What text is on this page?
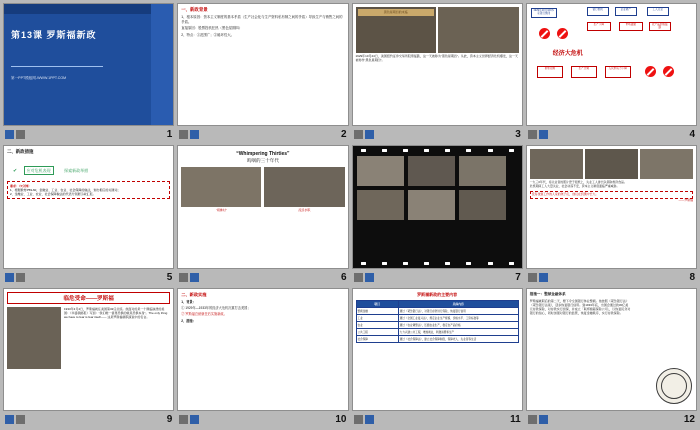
第13课 罗斯福新政
第一PPT模板网-WWW.1PPT.COM
1
一、新政背景

1、根本原因：资本主义制度的基本矛盾（生产社会化与生产资料私有制之间的矛盾）导致生产与销售之间的矛盾。

直接原因：股票投机狂热（黑色星期四）

2、特点：①范围广；②破坏性大。

2
黑色星期四的来临
1929年10月24日，美国纽约证券交易所股票猛跌，这一天被称为“黑色星期四”。从此，资本主义世界经济危机爆发，这一天被称作“黑色星期四”。
3
1929年10月100多家银行倒闭
银行倒闭	企业破产	工人失业
生产下降	市场萎缩	农产品价格猛跌
经济大危机
供求失衡	生产过剩	人民购买力下降
4
二、新政措施
✔ 应对危机表现	探索新政举措
要求：（5分钟）
1、根据教材P59-60，金融业、工业、农业、社会保障的做法，划出相应的关键词；
2、金融业、工业、农业、社会保障做法的代表分别展示故汇报。
5
“Whimpering Thirties”
呜咽的三十年代
“胡佛村”	流浪求职
6	7
一九三0年代，将失业者的照片登于报纸上，失业工人排长队领取救济食品。
危机期间工人大量失业，社会动荡不安，资本主义制度面临严重威胁。
没有找到工作的人家的孩子们，他们在饥饿中长大。
——罗斯福
8
临危受命——罗斯福
1933年3月4日，罗斯福就任美国第32任总统。他面对的是一个濒临崩溃的美国：《华盛顿邮报》写到：“我们唯一值得恐惧的就是恐惧本身”。The only thing we have to fear is fear itself—— 这是罗斯福就职演说中的名言。
9
二、新政实施

1、背景：

① 1929年—1933年的经济大危机沉重打击美国；

② 罗斯福总统就任后实施新政。

2、措施：

10
罗斯福新政的主要内容
项目	具体内容
整顿金融	通过《紧急银行法》，对银行存款进行保险，恢复银行信用
工业	通过《全国工业复兴法》，规定企业生产规模、价格水平、工资标准等
农业	通过《农业调整法》，压缩农业生产，稳定农产品价格
公共工程	大力兴建公共工程，增加就业，刺激消费和生产
社会保障	通过《社会保障法》，建立社会保障制度，保障老人、失业者等生活
11
措施一：整顿金融体系
罗斯福就职后的第二天，便下令全国银行休业整顿。他按照《紧急银行法》（紧急银行法案），逐步恢复银行信用。到1933年底，出国会通过的30亿美元存款保险，对存款实行担保，并成立「联邦储蓄保险公司」，以恢复民众对银行的信心，同时加强对银行的监管，恢复金融秩序，实行存款保险。
12
